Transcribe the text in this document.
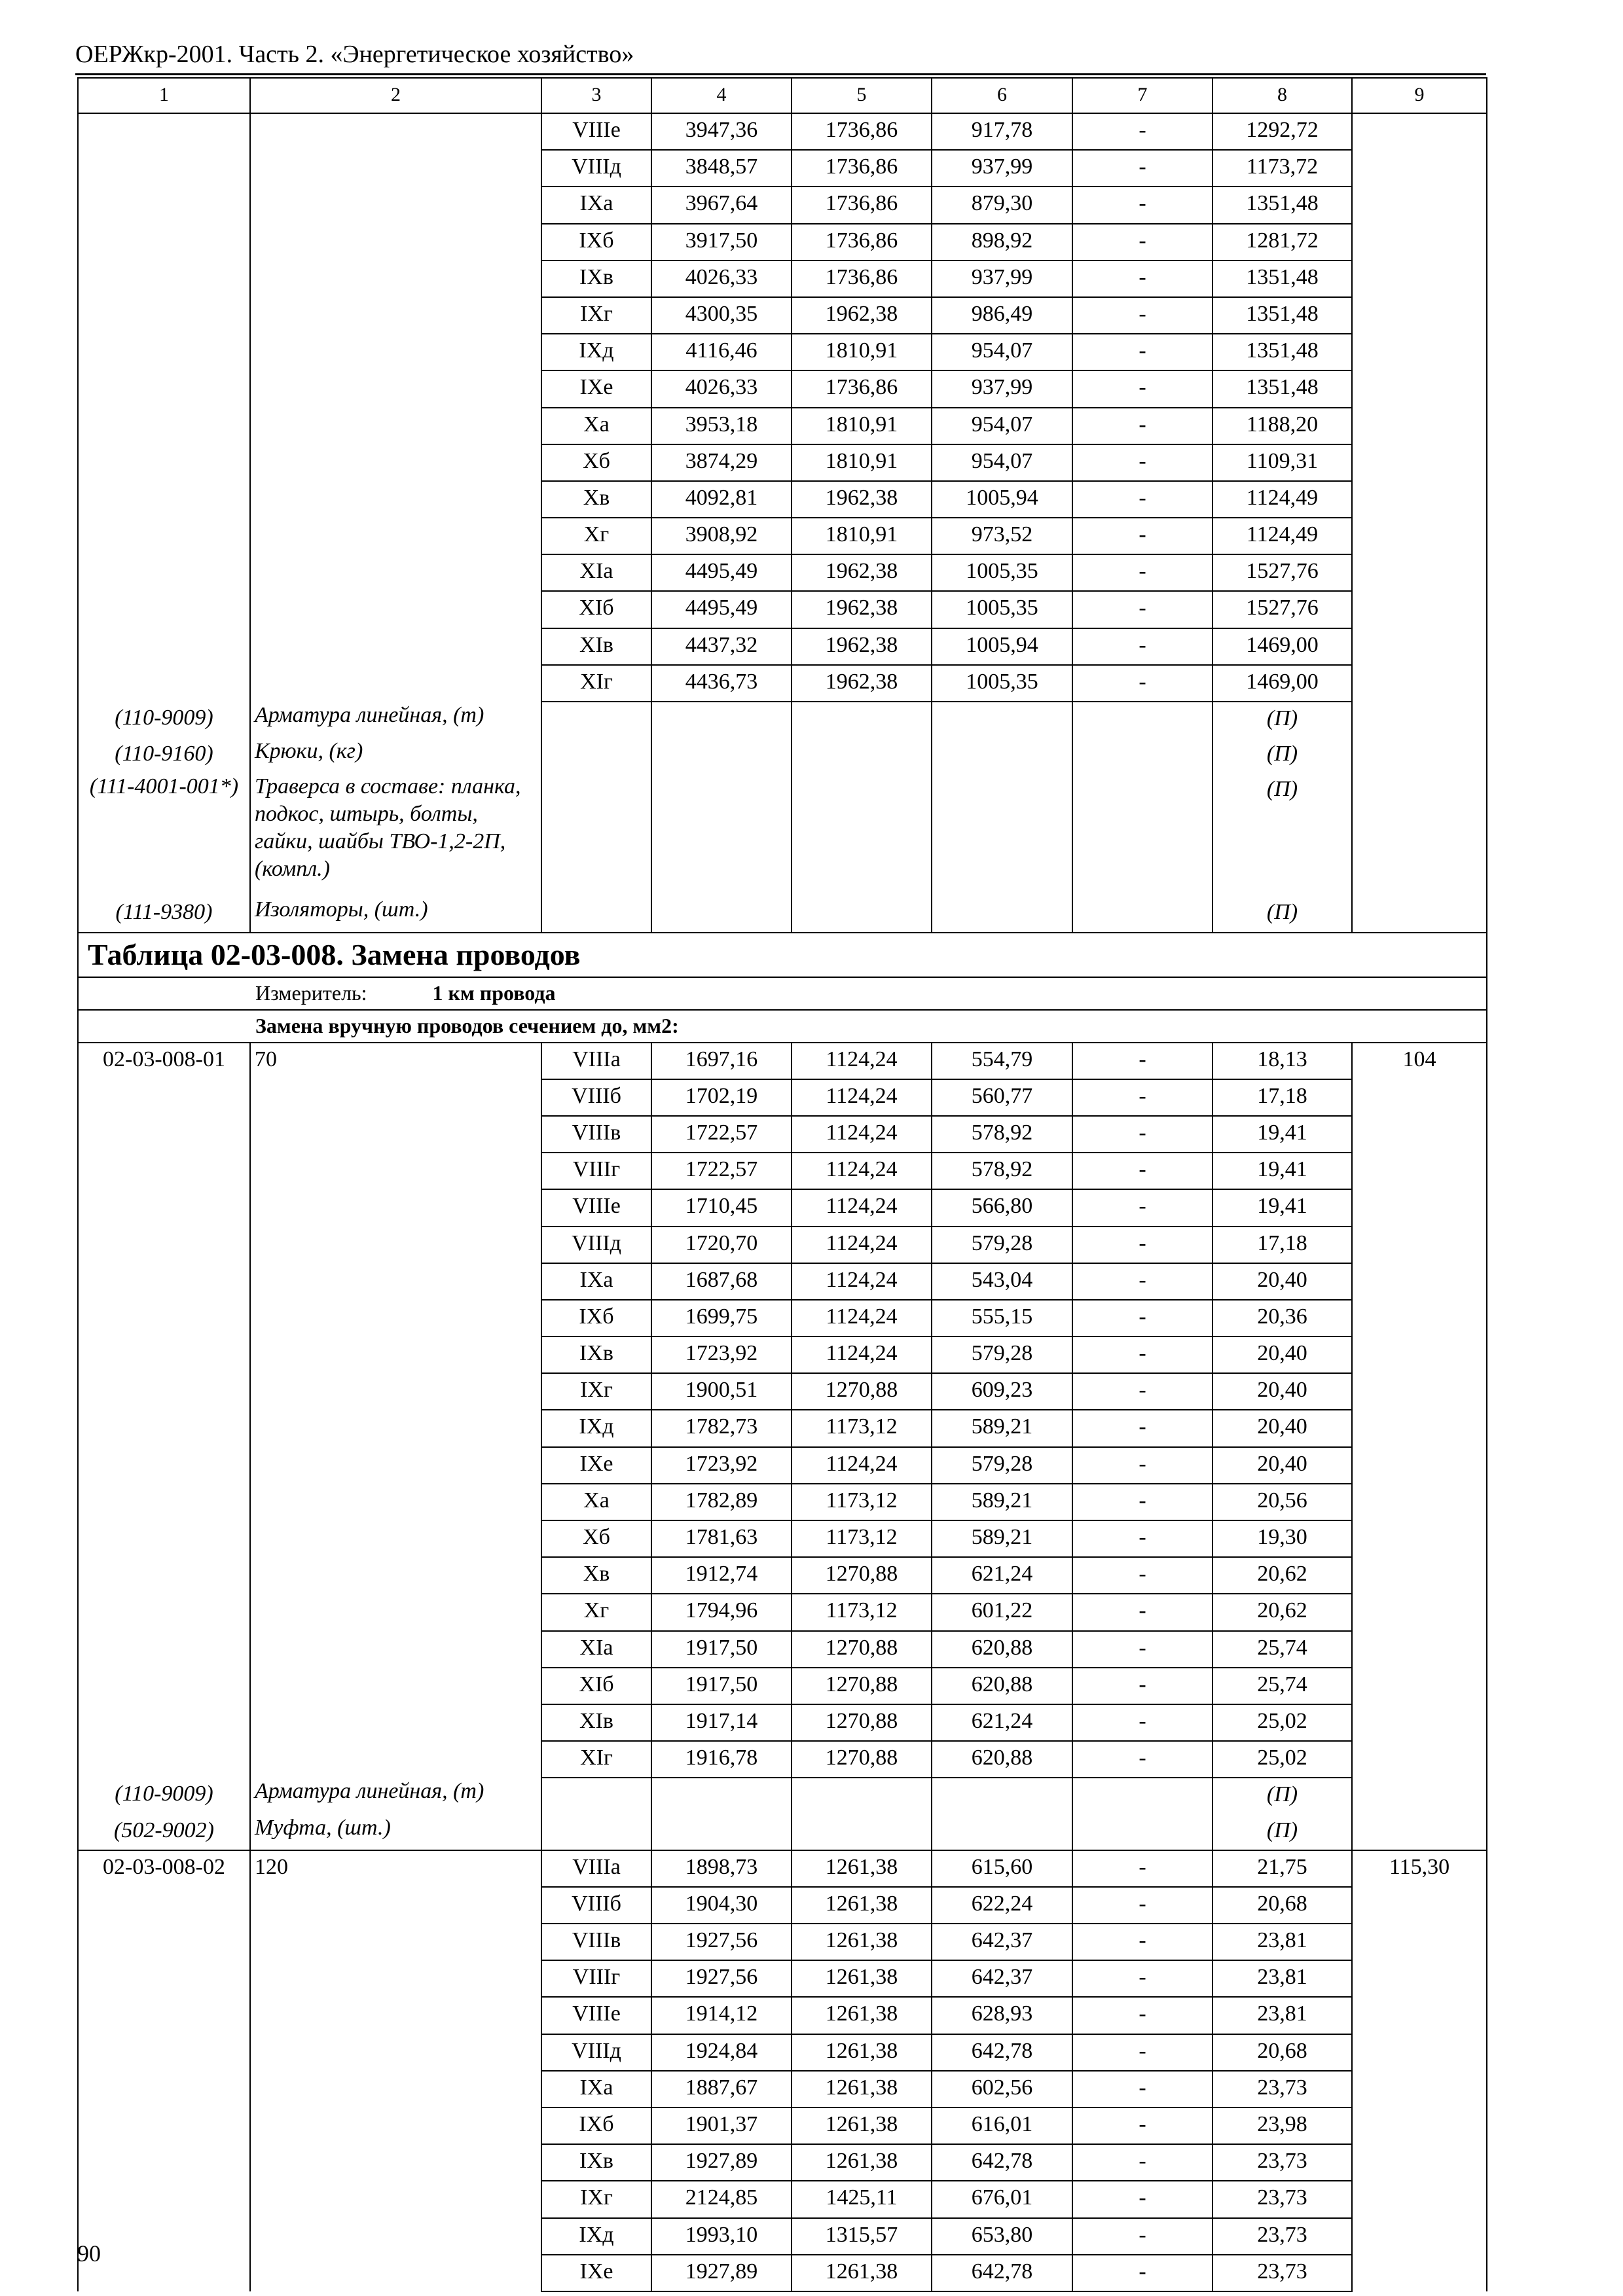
ОЕРЖкр-2001. Часть 2. «Энергетическое хозяйство»
1	2	3	4	5	6	7	8	9
		VIIIе	3947,36	1736,86	917,78	-	1292,72	
		VIIIд	3848,57	1736,86	937,99	-	1173,72	
		IXа	3967,64	1736,86	879,30	-	1351,48	
		IXб	3917,50	1736,86	898,92	-	1281,72	
		IXв	4026,33	1736,86	937,99	-	1351,48	
		IXг	4300,35	1962,38	986,49	-	1351,48	
		IXд	4116,46	1810,91	954,07	-	1351,48	
		IXе	4026,33	1736,86	937,99	-	1351,48	
		Xа	3953,18	1810,91	954,07	-	1188,20	
		Xб	3874,29	1810,91	954,07	-	1109,31	
		Xв	4092,81	1962,38	1005,94	-	1124,49	
		Xг	3908,92	1810,91	973,52	-	1124,49	
		XIа	4495,49	1962,38	1005,35	-	1527,76	
		XIб	4495,49	1962,38	1005,35	-	1527,76	
		XIв	4437,32	1962,38	1005,94	-	1469,00	
		XIг	4436,73	1962,38	1005,35	-	1469,00	
(110-9009)	Арматура линейная, (т)						(П)	
(110-9160)	Крюки, (кг)						(П)	
(111-4001-001*)	Траверса в составе: планка, подкос, штырь, болты, гайки, шайбы ТВО-1,2-2П, (компл.)						(П)	
(111-9380)	Изоляторы, (шт.)						(П)	
Таблица 02-03-008. Замена проводов								
Измеритель: 1 км провода								
Замена вручную проводов сечением до, мм2:								
02-03-008-01	70	VIIIа	1697,16	1124,24	554,79	-	18,13	104
		VIIIб	1702,19	1124,24	560,77	-	17,18	
		VIIIв	1722,57	1124,24	578,92	-	19,41	
		VIIIг	1722,57	1124,24	578,92	-	19,41	
		VIIIе	1710,45	1124,24	566,80	-	19,41	
		VIIIд	1720,70	1124,24	579,28	-	17,18	
		IXа	1687,68	1124,24	543,04	-	20,40	
		IXб	1699,75	1124,24	555,15	-	20,36	
		IXв	1723,92	1124,24	579,28	-	20,40	
		IXг	1900,51	1270,88	609,23	-	20,40	
		IXд	1782,73	1173,12	589,21	-	20,40	
		IXе	1723,92	1124,24	579,28	-	20,40	
		Xа	1782,89	1173,12	589,21	-	20,56	
		Xб	1781,63	1173,12	589,21	-	19,30	
		Xв	1912,74	1270,88	621,24	-	20,62	
		Xг	1794,96	1173,12	601,22	-	20,62	
		XIа	1917,50	1270,88	620,88	-	25,74	
		XIб	1917,50	1270,88	620,88	-	25,74	
		XIв	1917,14	1270,88	621,24	-	25,02	
		XIг	1916,78	1270,88	620,88	-	25,02	
(110-9009)	Арматура линейная, (т)						(П)	
(502-9002)	Муфта, (шт.)						(П)	
02-03-008-02	120	VIIIа	1898,73	1261,38	615,60	-	21,75	115,30
		VIIIб	1904,30	1261,38	622,24	-	20,68	
		VIIIв	1927,56	1261,38	642,37	-	23,81	
		VIIIг	1927,56	1261,38	642,37	-	23,81	
		VIIIе	1914,12	1261,38	628,93	-	23,81	
		VIIIд	1924,84	1261,38	642,78	-	20,68	
		IXа	1887,67	1261,38	602,56	-	23,73	
		IXб	1901,37	1261,38	616,01	-	23,98	
		IXв	1927,89	1261,38	642,78	-	23,73	
		IXг	2124,85	1425,11	676,01	-	23,73	
		IXд	1993,10	1315,57	653,80	-	23,73	
		IXе	1927,89	1261,38	642,78	-	23,73	
90
